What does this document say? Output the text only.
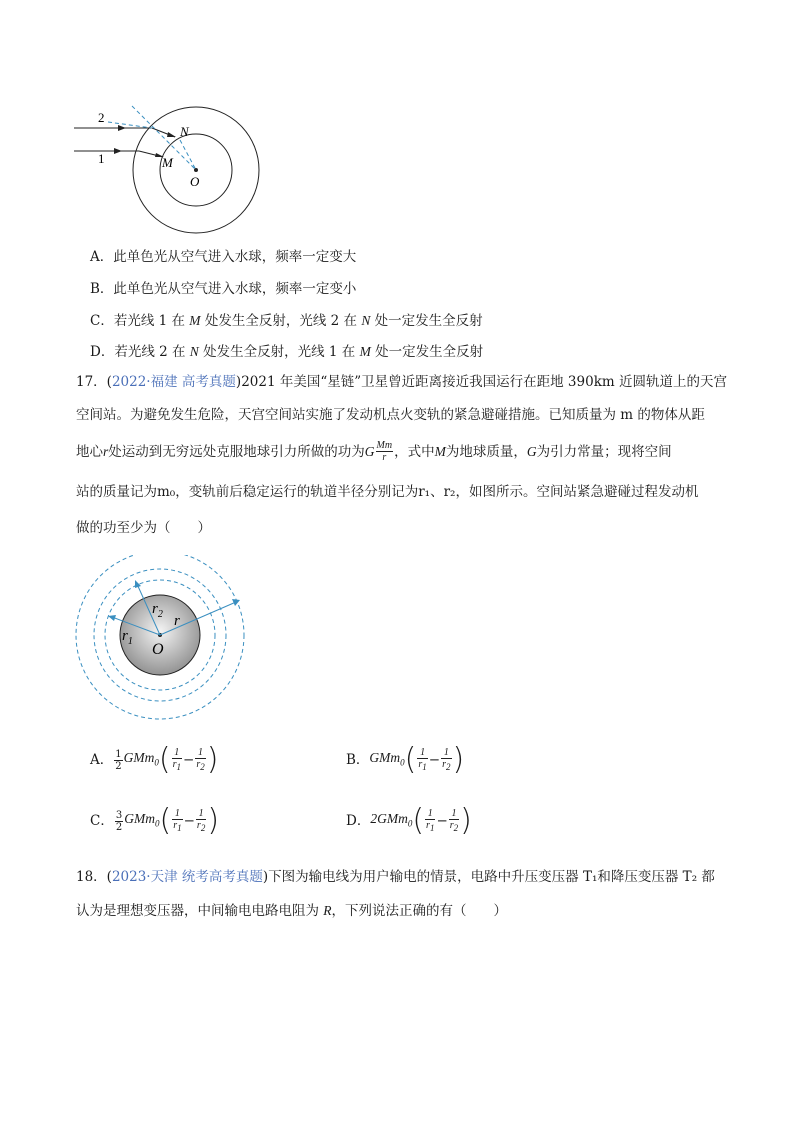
2
1
N
M
O
A．此单色光从空气进入水球，频率一定变大
B．此单色光从空气进入水球，频率一定变小
C．若光线 1 在 M 处发生全反射，光线 2 在 N 处一定发生全反射
D．若光线 2 在 N 处发生全反射，光线 1 在 M 处一定发生全反射
17．(2022·福建 高考真题)2021 年美国“星链”卫星曾近距离接近我国运行在距地 390km 近圆轨道上的天宫
空间站。为避免发生危险，天宫空间站实施了发动机点火变轨的紧急避碰措施。已知质量为 m 的物体从距
地心 r 处运动到无穷远处克服地球引力所做的功为 G $\frac{Mm}{r}$ ，式中 M 为地球质量， G 为引力常量；现将空间
站的质量记为m₀，变轨前后稳定运行的轨道半径分别记为r₁、r₂，如图所示。空间站紧急避碰过程发动机
做的功至少为（　　）
$r_1$
$r_2$ r
O
A． $\frac{1}{2} GMm_0$ ( $\frac{1}{r_1} - \frac{1}{r_2}$ )	B． GMm$_0$ ( $\frac{1}{r_1} - \frac{1}{r_2}$ )
C． $\frac{3}{2} GMm_0$ ( $\frac{1}{r_1} - \frac{1}{r_2}$ )	D． 2GMm$_0$ ( $\frac{1}{r_1} - \frac{1}{r_2}$ )
18．(2023·天津 统考高考真题)下图为输电线为用户输电的情景，电路中升压变压器 T₁和降压变压器 T₂ 都
认为是理想变压器，中间输电电路电阻为 R，下列说法正确的有（　　）
